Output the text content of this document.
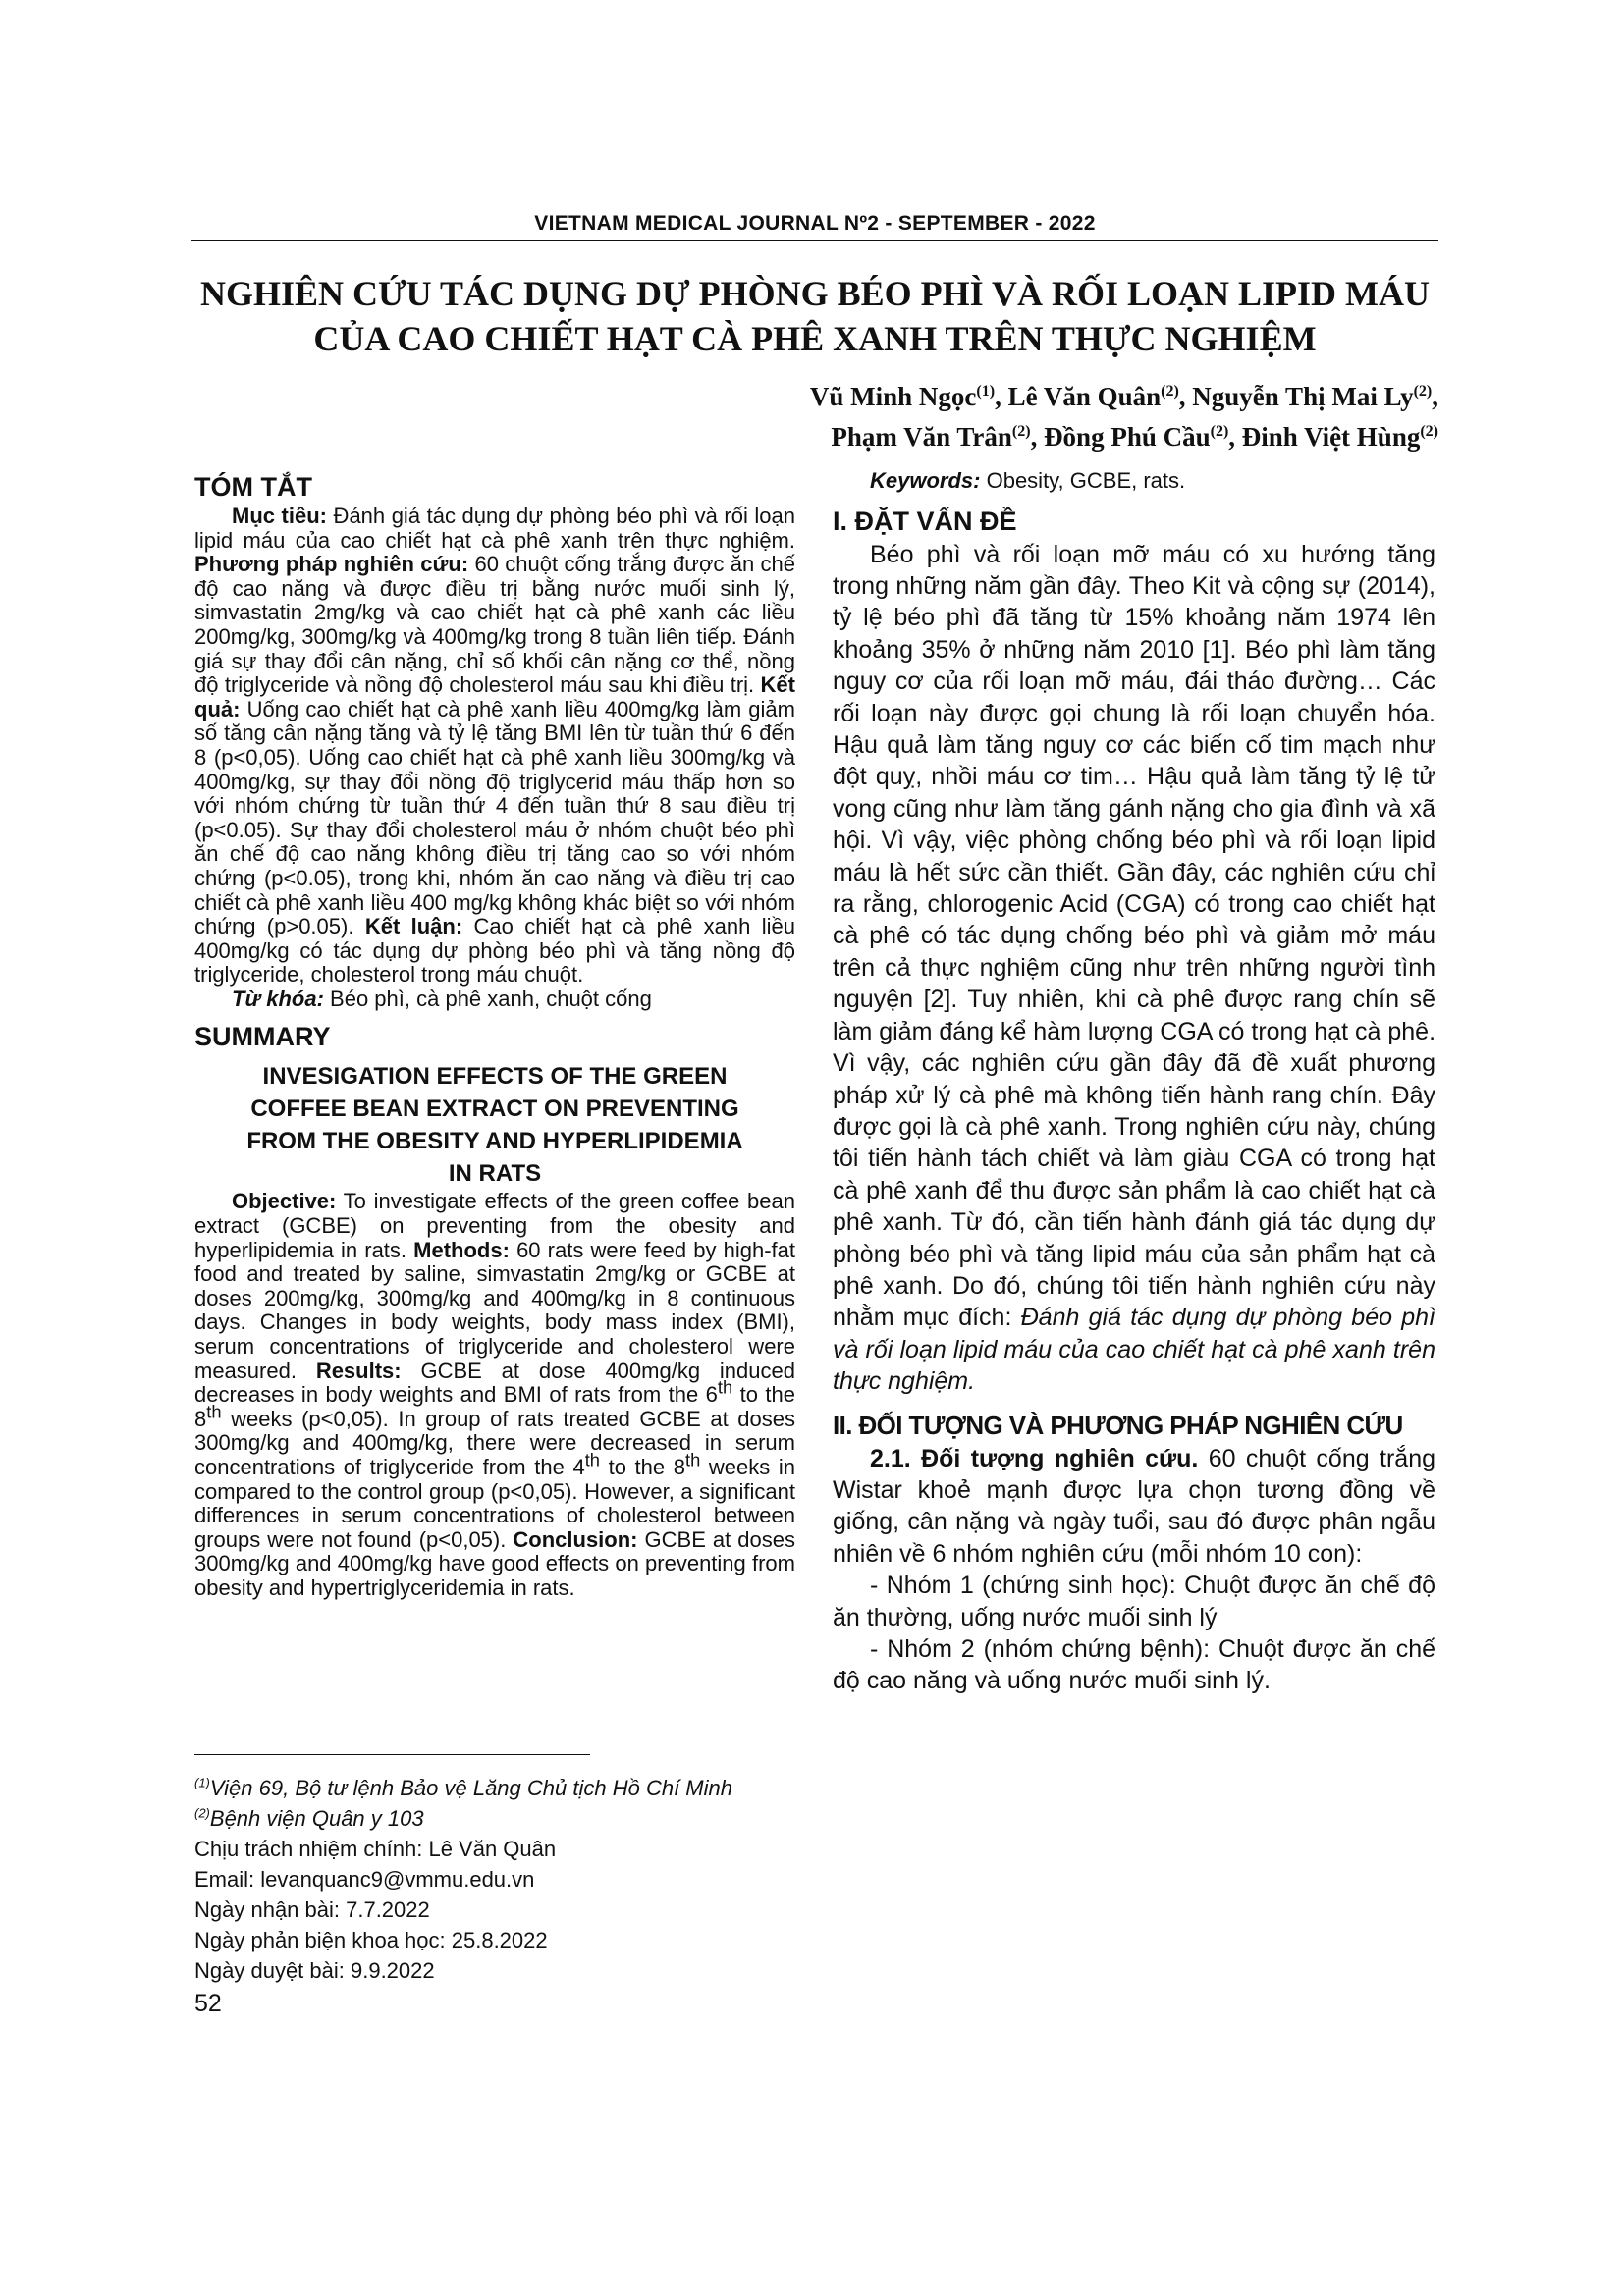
VIETNAM MEDICAL JOURNAL Nº2 - SEPTEMBER - 2022
NGHIÊN CỨU TÁC DỤNG DỰ PHÒNG BÉO PHÌ VÀ RỐI LOẠN LIPID MÁU
CỦA CAO CHIẾT HẠT CÀ PHÊ XANH TRÊN THỰC NGHIỆM
Vũ Minh Ngọc$^{(1)}$, Lê Văn Quân$^{(2)}$, Nguyễn Thị Mai Ly$^{(2)}$,
Phạm Văn Trân$^{(2)}$, Đồng Phú Cầu$^{(2)}$, Đinh Việt Hùng$^{(2)}$
TÓM TẮT

Mục tiêu: Đánh giá tác dụng dự phòng béo phì và rối loạn lipid máu của cao chiết hạt cà phê xanh trên thực nghiệm. Phương pháp nghiên cứu: 60 chuột cống trắng được ăn chế độ cao năng và được điều trị bằng nước muối sinh lý, simvastatin 2mg/kg và cao chiết hạt cà phê xanh các liều 200mg/kg, 300mg/kg và 400mg/kg trong 8 tuần liên tiếp. Đánh giá sự thay đổi cân nặng, chỉ số khối cân nặng cơ thể, nồng độ triglyceride và nồng độ cholesterol máu sau khi điều trị. Kết quả: Uống cao chiết hạt cà phê xanh liều 400mg/kg làm giảm số tăng cân nặng tăng và tỷ lệ tăng BMI lên từ tuần thứ 6 đến 8 (p<0,05). Uống cao chiết hạt cà phê xanh liều 300mg/kg và 400mg/kg, sự thay đổi nồng độ triglycerid máu thấp hơn so với nhóm chứng từ tuần thứ 4 đến tuần thứ 8 sau điều trị (p<0.05). Sự thay đổi cholesterol máu ở nhóm chuột béo phì ăn chế độ cao năng không điều trị tăng cao so với nhóm chứng (p<0.05), trong khi, nhóm ăn cao năng và điều trị cao chiết cà phê xanh liều 400 mg/kg không khác biệt so với nhóm chứng (p>0.05). Kết luận: Cao chiết hạt cà phê xanh liều 400mg/kg có tác dụng dự phòng béo phì và tăng nồng độ triglyceride, cholesterol trong máu chuột.

Từ khóa: Béo phì, cà phê xanh, chuột cống

SUMMARY
INVESIGATION EFFECTS OF THE GREEN
COFFEE BEAN EXTRACT ON PREVENTING
FROM THE OBESITY AND HYPERLIPIDEMIA
IN RATS

Objective: To investigate effects of the green coffee bean extract (GCBE) on preventing from the obesity and hyperlipidemia in rats. Methods: 60 rats were feed by high-fat food and treated by saline, simvastatin 2mg/kg or GCBE at doses 200mg/kg, 300mg/kg and 400mg/kg in 8 continuous days. Changes in body weights, body mass index (BMI), serum concentrations of triglyceride and cholesterol were measured. Results: GCBE at dose 400mg/kg induced decreases in body weights and BMI of rats from the 6th to the 8th weeks (p<0,05). In group of rats treated GCBE at doses 300mg/kg and 400mg/kg, there were decreased in serum concentrations of triglyceride from the 4th to the 8th weeks in compared to the control group (p<0,05). However, a significant differences in serum concentrations of cholesterol between groups were not found (p<0,05). Conclusion: GCBE at doses 300mg/kg and 400mg/kg have good effects on preventing from obesity and hypertriglyceridemia in rats.

Keywords: Obesity, GCBE, rats.

I. ĐẶT VẤN ĐỀ

Béo phì và rối loạn mỡ máu có xu hướng tăng trong những năm gần đây. Theo Kit và cộng sự (2014), tỷ lệ béo phì đã tăng từ 15% khoảng năm 1974 lên khoảng 35% ở những năm 2010 [1]. Béo phì làm tăng nguy cơ của rối loạn mỡ máu, đái tháo đường… Các rối loạn này được gọi chung là rối loạn chuyển hóa. Hậu quả làm tăng nguy cơ các biến cố tim mạch như đột quỵ, nhồi máu cơ tim… Hậu quả làm tăng tỷ lệ tử vong cũng như làm tăng gánh nặng cho gia đình và xã hội. Vì vậy, việc phòng chống béo phì và rối loạn lipid máu là hết sức cần thiết. Gần đây, các nghiên cứu chỉ ra rằng, chlorogenic Acid (CGA) có trong cao chiết hạt cà phê có tác dụng chống béo phì và giảm mở máu trên cả thực nghiệm cũng như trên những người tình nguyện [2]. Tuy nhiên, khi cà phê được rang chín sẽ làm giảm đáng kể hàm lượng CGA có trong hạt cà phê. Vì vậy, các nghiên cứu gần đây đã đề xuất phương pháp xử lý cà phê mà không tiến hành rang chín. Đây được gọi là cà phê xanh. Trong nghiên cứu này, chúng tôi tiến hành tách chiết và làm giàu CGA có trong hạt cà phê xanh để thu được sản phẩm là cao chiết hạt cà phê xanh. Từ đó, cần tiến hành đánh giá tác dụng dự phòng béo phì và tăng lipid máu của sản phẩm hạt cà phê xanh. Do đó, chúng tôi tiến hành nghiên cứu này nhằm mục đích: Đánh giá tác dụng dự phòng béo phì và rối loạn lipid máu của cao chiết hạt cà phê xanh trên thực nghiệm.

II. ĐỐI TƯỢNG VÀ PHƯƠNG PHÁP NGHIÊN CỨU

2.1. Đối tượng nghiên cứu. 60 chuột cống trắng Wistar khoẻ mạnh được lựa chọn tương đồng về giống, cân nặng và ngày tuổi, sau đó được phân ngẫu nhiên về 6 nhóm nghiên cứu (mỗi nhóm 10 con):

- Nhóm 1 (chứng sinh học): Chuột được ăn chế độ ăn thường, uống nước muối sinh lý

- Nhóm 2 (nhóm chứng bệnh): Chuột được ăn chế độ cao năng và uống nước muối sinh lý.

$^{(1)}$Viện 69, Bộ tư lệnh Bảo vệ Lăng Chủ tịch Hồ Chí Minh
$^{(2)}$Bệnh viện Quân y 103
Chịu trách nhiệm chính: Lê Văn Quân
Email: levanquanc9@vmmu.edu.vn
Ngày nhận bài: 7.7.2022
Ngày phản biện khoa học: 25.8.2022
Ngày duyệt bài: 9.9.2022
52
